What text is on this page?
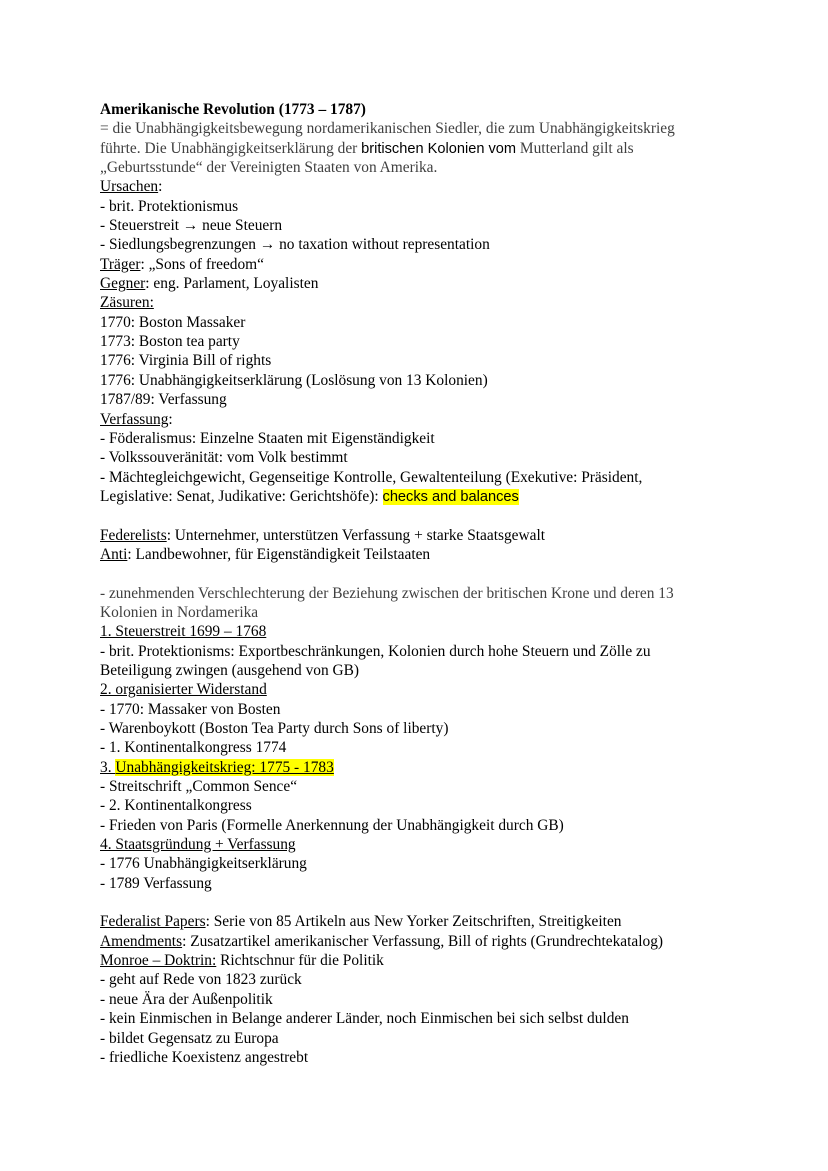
Amerikanische Revolution (1773 – 1787)
= die Unabhängigkeitsbewegung nordamerikanischen Siedler, die zum Unabhängigkeitskrieg
führte. Die Unabhängigkeitserklärung der britischen Kolonien vom Mutterland gilt als
„Geburtsstunde“ der Vereinigten Staaten von Amerika.
Ursachen:
- brit. Protektionismus
- Steuerstreit → neue Steuern
- Siedlungsbegrenzungen → no taxation without representation
Träger: „Sons of freedom“
Gegner: eng. Parlament, Loyalisten
Zäsuren:
1770: Boston Massaker
1773: Boston tea party
1776: Virginia Bill of rights
1776: Unabhängigkeitserklärung (Loslösung von 13 Kolonien)
1787/89: Verfassung
Verfassung:
- Föderalismus: Einzelne Staaten mit Eigenständigkeit
- Volkssouveränität: vom Volk bestimmt
- Mächtegleichgewicht, Gegenseitige Kontrolle, Gewaltenteilung (Exekutive: Präsident,
Legislative: Senat, Judikative: Gerichtshöfe): checks and balances
Federelists: Unternehmer, unterstützen Verfassung + starke Staatsgewalt
Anti: Landbewohner, für Eigenständigkeit Teilstaaten
- zunehmenden Verschlechterung der Beziehung zwischen der britischen Krone und deren 13
Kolonien in Nordamerika
1. Steuerstreit 1699 – 1768
- brit. Protektionisms: Exportbeschränkungen, Kolonien durch hohe Steuern und Zölle zu
Beteiligung zwingen (ausgehend von GB)
2. organisierter Widerstand
- 1770: Massaker von Bosten
- Warenboykott (Boston Tea Party durch Sons of liberty)
- 1. Kontinentalkongress 1774
3. Unabhängigkeitskrieg: 1775 - 1783
- Streitschrift „Common Sence“
- 2. Kontinentalkongress
- Frieden von Paris (Formelle Anerkennung der Unabhängigkeit durch GB)
4. Staatsgründung + Verfassung
- 1776 Unabhängigkeitserklärung
- 1789 Verfassung
Federalist Papers: Serie von 85 Artikeln aus New Yorker Zeitschriften, Streitigkeiten
Amendments: Zusatzartikel amerikanischer Verfassung, Bill of rights (Grundrechtekatalog)
Monroe – Doktrin: Richtschnur für die Politik
- geht auf Rede von 1823 zurück
- neue Ära der Außenpolitik
- kein Einmischen in Belange anderer Länder, noch Einmischen bei sich selbst dulden
- bildet Gegensatz zu Europa
- friedliche Koexistenz angestrebt
